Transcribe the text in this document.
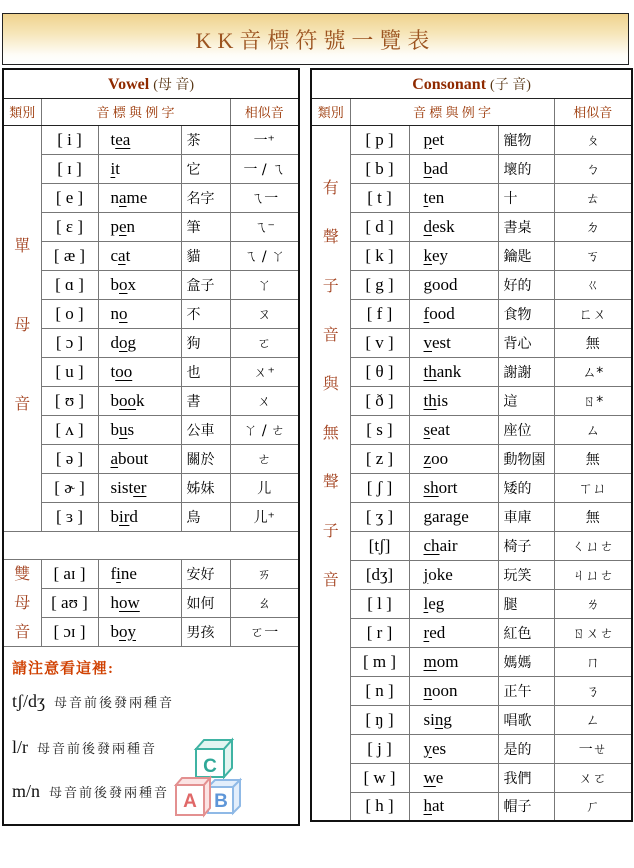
KK音標符號一覽表
Vowel (母 音)				
類別	音 標 與 例 字			相似音

單
母
音	[ i ]	tea	茶	一⁺
	[ ɪ ]	it	它	一 / ㄟ
	[ e ]	name	名字	ㄟ一
	[ ɛ ]	pen	筆	ㄟ⁻
	[ æ ]	cat	貓	ㄟ / ㄚ
	[ ɑ ]	box	盒子	ㄚ
	[ o ]	no	不	ㄡ
	[ ɔ ]	dog	狗	ㄛ
	[ u ]	too	也	ㄨ⁺
	[ ʊ ]	book	書	ㄨ
	[ ʌ ]	bus	公車	ㄚ / ㄜ
	[ ə ]	about	關於	ㄜ
	[ ɚ ]	sister	姊妹	儿
	[ ɜ ]	bird	鳥	儿⁺

雙
母
音	[ aɪ ]	fine	安好	ㄞ
	[ aʊ ]	how	如何	ㄠ
	[ ɔɪ ]	boy	男孩	ㄛ一

請注意看這裡:
tʃ/dʒ 母音前後發兩種音
l/r 母音前後發兩種音
m/n 母音前後發兩種音
C
B
A
Consonant (子 音)				
類別	音 標 與 例 字			相似音

有
聲
子
音
與
無
聲
子
音
	[ p ]	pet	寵物	ㄆ
	[ b ]	bad	壞的	ㄅ
	[ t ]	ten	十	ㄊ
	[ d ]	desk	書桌	ㄉ
	[ k ]	key	鑰匙	ㄎ
	[ g ]	good	好的	ㄍ
	[ f ]	food	食物	ㄈㄨ
	[ v ]	vest	背心	無
	[ θ ]	thank	謝謝	ㄙ*
	[ ð ]	this	這	ㄖ*
	[ s ]	seat	座位	ㄙ
	[ z ]	zoo	動物園	無
	[ ʃ ]	short	矮的	ㄒㄩ
	[ ʒ ]	garage	車庫	無
	[tʃ]	chair	椅子	ㄑㄩㄜ
	[dʒ]	joke	玩笑	ㄐㄩㄜ
	[ l ]	leg	腿	ㄌ
	[ r ]	red	紅色	ㄖㄨㄜ
	[ m ]	mom	媽媽	ㄇ
	[ n ]	noon	正午	ㄋ
	[ ŋ ]	sing	唱歌	ㄥ
	[ j ]	yes	是的	一ㄝ
	[ w ]	we	我們	ㄨㄛ
	[ h ]	hat	帽子	ㄏ
